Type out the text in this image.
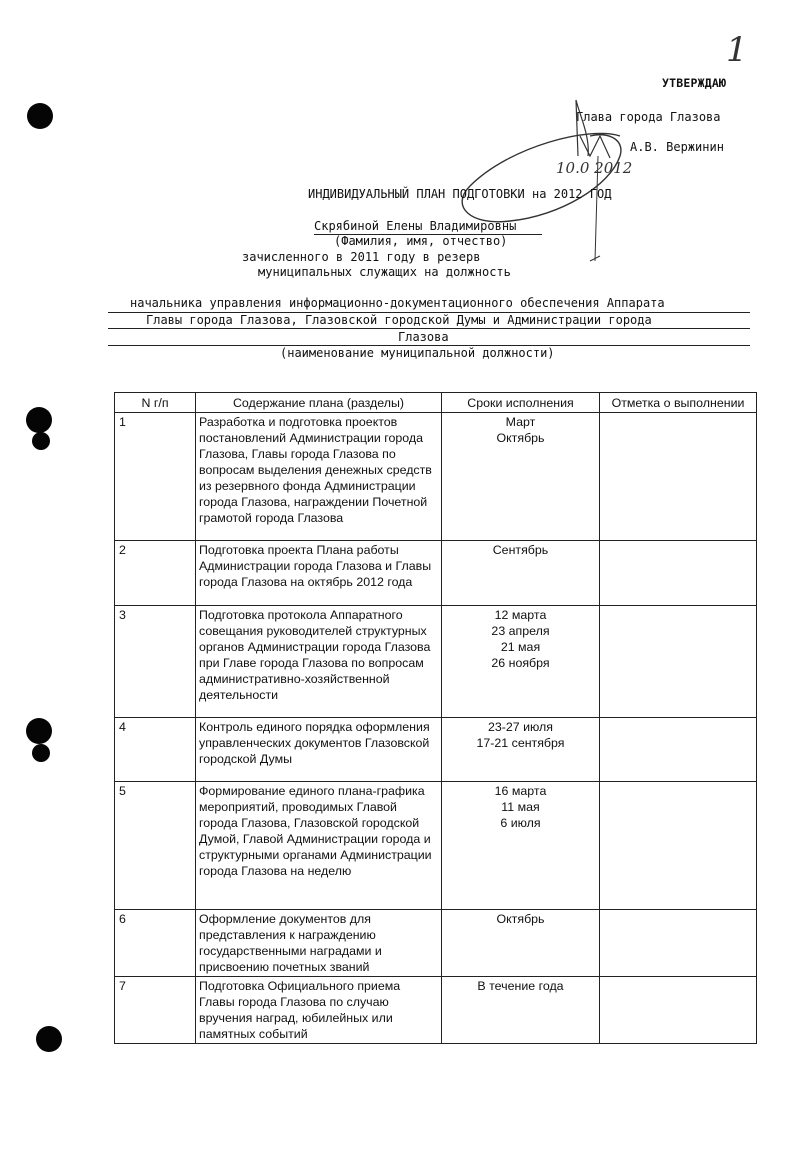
1
УТВЕРЖДАЮ
Глава города Глазова
А.В. Вержинин
10.0 2012
ИНДИВИДУАЛЬНЫЙ ПЛАН ПОДГОТОВКИ на 2012 ГОД
Скрябиной Елены Владимировны
(Фамилия, имя, отчество)
зачисленного в 2011 году в резерв
муниципальных служащих на должность
начальника управления информационно-документационного обеспечения Аппарата
Главы города Глазова, Глазовской городской Думы и Администрации города
Глазова
(наименование муниципальной должности)
N г/п	Содержание плана (разделы)	Сроки исполнения	Отметка о выполнении
1	Разработка и подготовка проектов постановлений Администрации города Глазова, Главы города Глазова по вопросам выделения денежных средств из резервного фонда Администрации города Глазова, награждении Почетной грамотой города Глазова	Март
Октябрь	

2	Подготовка проекта Плана работы Администрации города Глазова и Главы города Глазова на октябрь 2012 года	Сентябрь	

3	Подготовка протокола Аппаратного совещания руководителей структурных органов Администрации города Глазова при Главе города Глазова по вопросам административно-хозяйственной деятельности	12 марта
23 апреля
21 мая
26 ноября	

4	Контроль единого порядка оформления управленческих документов Глазовской городской Думы	23-27 июля
17-21 сентября	

5	Формирование единого плана-графика мероприятий, проводимых Главой города Глазова, Глазовской городской Думой, Главой Администрации города и структурными органами Администрации города Глазова на неделю	16 марта
11 мая
6 июля	

6	Оформление документов для представления к награждению государственными наградами и присвоению почетных званий	Октябрь	

7	Подготовка Официального приема Главы города Глазова по случаю вручения наград, юбилейных или памятных событий	В течение года	
